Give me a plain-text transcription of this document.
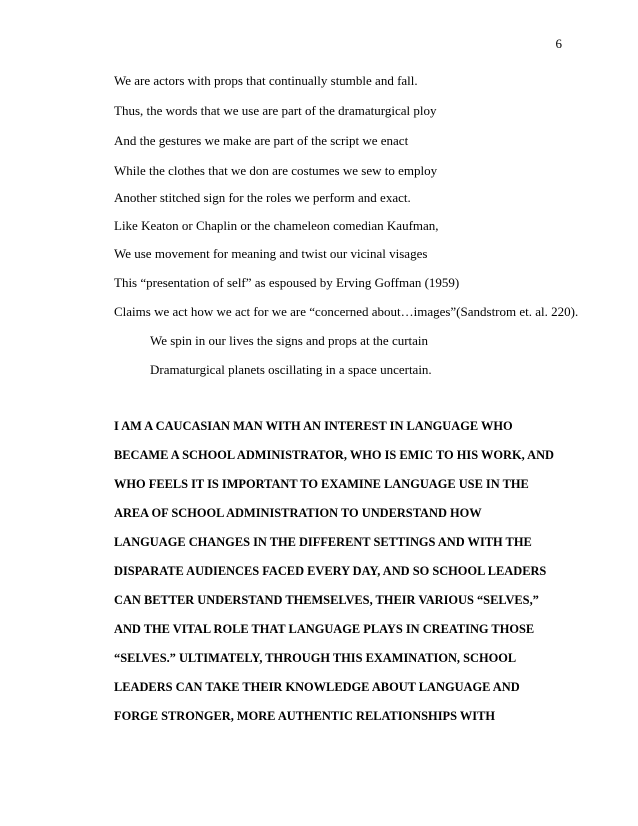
6
We are actors with props that continually stumble and fall.
Thus, the words that we use are part of the dramaturgical ploy
And the gestures we make are part of the script we enact
While the clothes that we don are costumes we sew to employ
Another stitched sign for the roles we perform and exact.
Like Keaton or Chaplin or the chameleon comedian Kaufman,
We use movement for meaning and twist our vicinal visages
This “presentation of self” as espoused by Erving Goffman (1959)
Claims we act how we act for we are “concerned about…images”(Sandstrom et. al. 220).
We spin in our lives the signs and props at the curtain
Dramaturgical planets oscillating in a space uncertain.
I AM A CAUCASIAN MAN WITH AN INTEREST IN LANGUAGE WHO
BECAME A SCHOOL ADMINISTRATOR, WHO IS EMIC TO HIS WORK, AND
WHO FEELS IT IS IMPORTANT TO EXAMINE LANGUAGE USE IN THE
AREA OF SCHOOL ADMINISTRATION TO UNDERSTAND HOW
LANGUAGE CHANGES IN THE DIFFERENT SETTINGS AND WITH THE
DISPARATE AUDIENCES FACED EVERY DAY, AND SO SCHOOL LEADERS
CAN BETTER UNDERSTAND THEMSELVES, THEIR VARIOUS “SELVES,”
AND THE VITAL ROLE THAT LANGUAGE PLAYS IN CREATING THOSE
“SELVES.” ULTIMATELY, THROUGH THIS EXAMINATION, SCHOOL
LEADERS CAN TAKE THEIR KNOWLEDGE ABOUT LANGUAGE AND
FORGE STRONGER, MORE AUTHENTIC RELATIONSHIPS WITH
